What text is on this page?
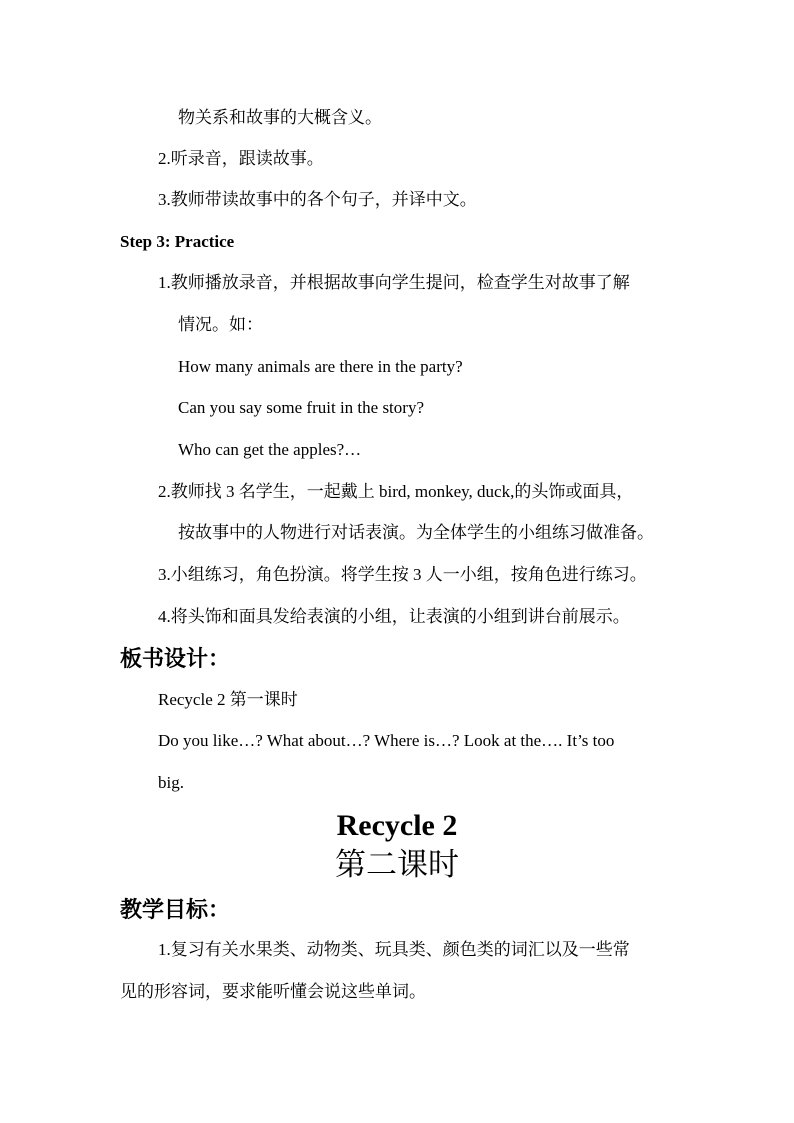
物关系和故事的大概含义。
2.听录音，跟读故事。
3.教师带读故事中的各个句子，并译中文。
Step 3: Practice
1.教师播放录音，并根据故事向学生提问，检查学生对故事了解
情况。如：
How many animals are there in the party?
Can you say some fruit in the story?
Who can get the apples?…
2.教师找 3 名学生，一起戴上 bird, monkey, duck,的头饰或面具，
按故事中的人物进行对话表演。为全体学生的小组练习做准备。
3.小组练习，角色扮演。将学生按 3 人一小组，按角色进行练习。
4.将头饰和面具发给表演的小组，让表演的小组到讲台前展示。
板书设计：
Recycle 2 第一课时
Do you like…? What about…? Where is…? Look at the…. It’s too
big.
Recycle 2
第二课时
教学目标：
1.复习有关水果类、动物类、玩具类、颜色类的词汇以及一些常
见的形容词，要求能听懂会说这些单词。
